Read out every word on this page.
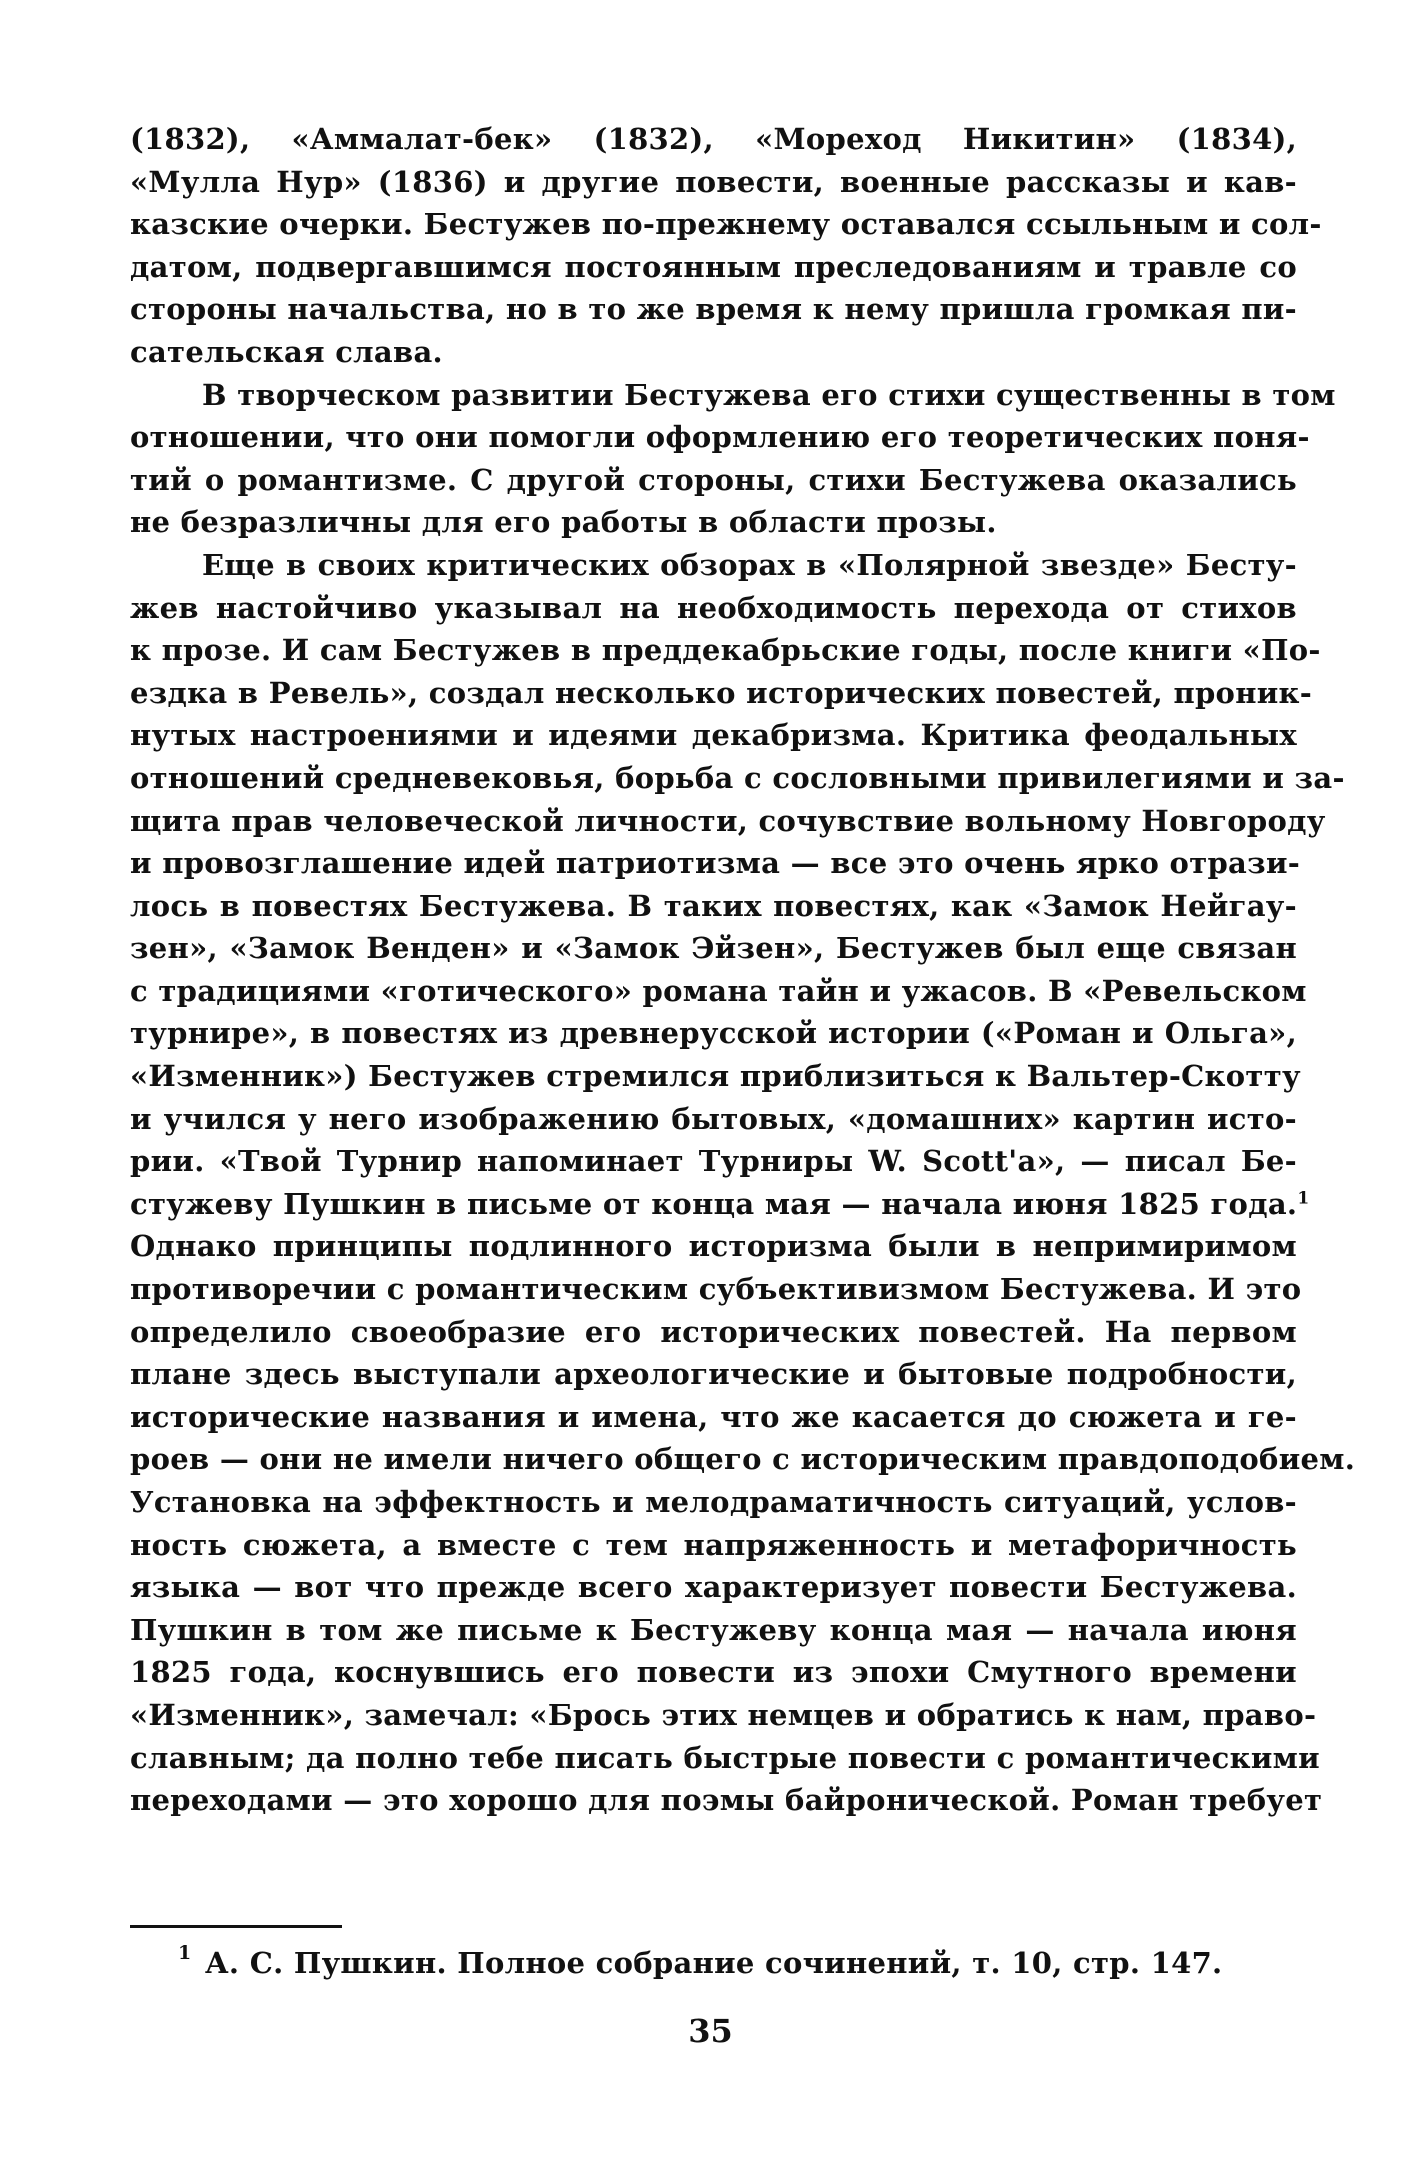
(1832), «Аммалат-бек» (1832), «Мореход Никитин» (1834),
«Мулла Нур» (1836) и другие повести, военные рассказы и кав-
казские очерки. Бестужев по-прежнему оставался ссыльным и сол-
датом, подвергавшимся постоянным преследованиям и травле со
стороны начальства, но в то же время к нему пришла громкая пи-
сательская слава.
В творческом развитии Бестужева его стихи существенны в том
отношении, что они помогли оформлению его теоретических поня-
тий о романтизме. С другой стороны, стихи Бестужева оказались
не безразличны для его работы в области прозы.
Еще в своих критических обзорах в «Полярной звезде» Бесту-
жев настойчиво указывал на необходимость перехода от стихов
к прозе. И сам Бестужев в преддекабрьские годы, после книги «По-
ездка в Ревель», создал несколько исторических повестей, проник-
нутых настроениями и идеями декабризма. Критика феодальных
отношений средневековья, борьба с сословными привилегиями и за-
щита прав человеческой личности, сочувствие вольному Новгороду
и провозглашение идей патриотизма — все это очень ярко отрази-
лось в повестях Бестужева. В таких повестях, как «Замок Нейгау-
зен», «Замок Венден» и «Замок Эйзен», Бестужев был еще связан
с традициями «готического» романа тайн и ужасов. В «Ревельском
турнире», в повестях из древнерусской истории («Роман и Ольга»,
«Изменник») Бестужев стремился приблизиться к Вальтер-Скотту
и учился у него изображению бытовых, «домашних» картин исто-
рии. «Твой Турнир напоминает Турниры W. Scott'а», — писал Бе-
стужеву Пушкин в письме от конца мая — начала июня 1825 года.$^1$
Однако принципы подлинного историзма были в непримиримом
противоречии с романтическим субъективизмом Бестужева. И это
определило своеобразие его исторических повестей. На первом
плане здесь выступали археологические и бытовые подробности,
исторические названия и имена, что же касается до сюжета и ге-
роев — они не имели ничего общего с историческим правдоподобием.
Установка на эффектность и мелодраматичность ситуаций, услов-
ность сюжета, а вместе с тем напряженность и метафоричность
языка — вот что прежде всего характеризует повести Бестужева.
Пушкин в том же письме к Бестужеву конца мая — начала июня
1825 года, коснувшись его повести из эпохи Смутного времени
«Изменник», замечал: «Брось этих немцев и обратись к нам, право-
славным; да полно тебе писать быстрые повести с романтическими
переходами — это хорошо для поэмы байронической. Роман требует
1 А. С. Пушкин. Полное собрание сочинений, т. 10, стр. 147.
35
